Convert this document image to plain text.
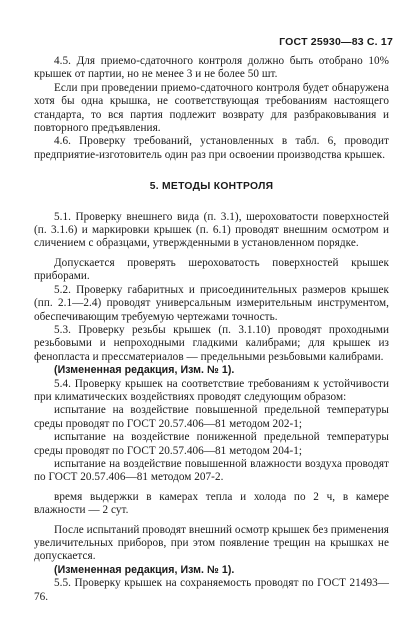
ГОСТ 25930—83 С. 17

4.5. Для приемо-сдаточного контроля должно быть отобрано 10% крышек от партии, но не менее 3 и не более 50 шт.

Если при проведении приемо-сдаточного контроля будет обнаружена хотя бы одна крышка, не соответствующая требованиям настоящего стандарта, то вся партия подлежит возврату для разбраковывания и повторного предъявления.

4.6. Проверку требований, установленных в табл. 6, проводит предприятие-изготовитель один раз при освоении производства крышек.

5. МЕТОДЫ КОНТРОЛЯ

5.1. Проверку внешнего вида (п. 3.1), шероховатости поверхностей (п. 3.1.6) и маркировки крышек (п. 6.1) проводят внешним осмотром и сличением с образцами, утвержденными в установленном порядке.

Допускается проверять шероховатость поверхностей крышек приборами.

5.2. Проверку габаритных и присоединительных размеров крышек (пп. 2.1—2.4) проводят универсальным измерительным инструментом, обеспечивающим требуемую чертежами точность.

5.3. Проверку резьбы крышек (п. 3.1.10) проводят проходными резьбовыми и непроходными гладкими калибрами; для крышек из фенопласта и прессматериалов — предельными резьбовыми калибрами.

(Измененная редакция, Изм. № 1).

5.4. Проверку крышек на соответствие требованиям к устойчивости при климатических воздействиях проводят следующим образом:

испытание на воздействие повышенной предельной температуры среды проводят по ГОСТ 20.57.406—81 методом 202-1;

испытание на воздействие пониженной предельной температуры среды проводят по ГОСТ 20.57.406—81 методом 204-1;

испытание на воздействие повышенной влажности воздуха проводят по ГОСТ 20.57.406—81 методом 207-2.

время выдержки в камерах тепла и холода по 2 ч, в камере влажности — 2 сут.

После испытаний проводят внешний осмотр крышек без применения увеличительных приборов, при этом появление трещин на крышках не допускается.

(Измененная редакция, Изм. № 1).

5.5. Проверку крышек на сохраняемость проводят по ГОСТ 21493—76.
